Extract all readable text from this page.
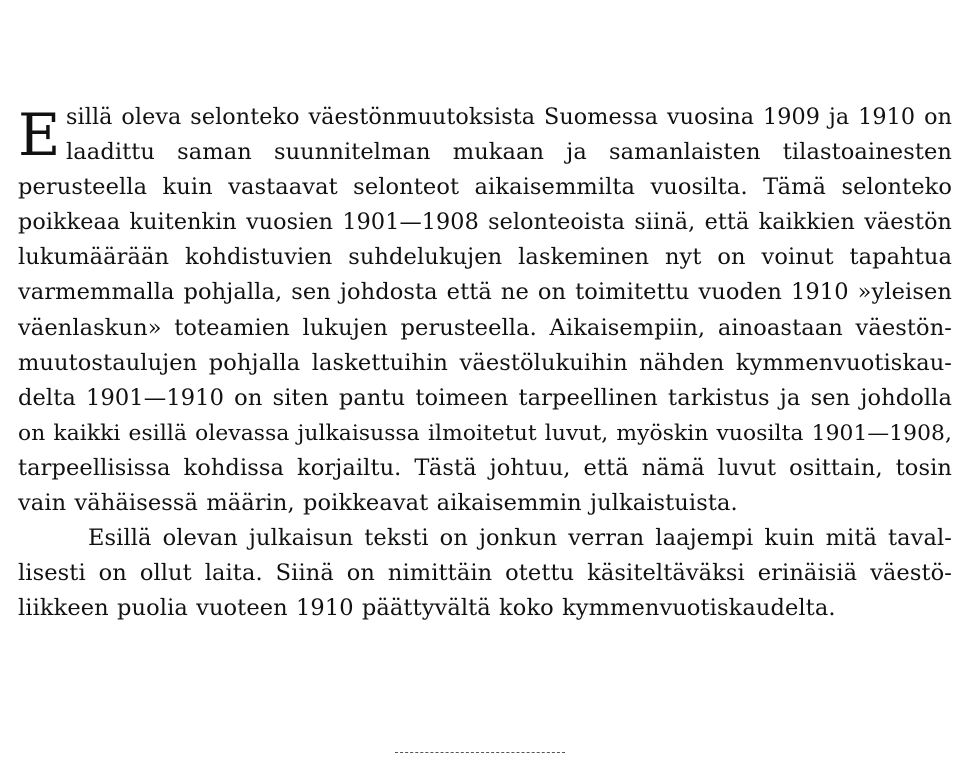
E sillä oleva selonteko väestönmuutoksista Suomessa vuosina 1909 ja 1910 on
laadittu saman suunnitelman mukaan ja samanlaisten tilastoainesten
perusteella kuin vastaavat selonteot aikaisemmilta vuosilta. Tämä selonteko
poikkeaa kuitenkin vuosien 1901—1908 selonteoista siinä, että kaikkien väestön
lukumäärään kohdistuvien suhdelukujen laskeminen nyt on voinut tapahtua
varmemmalla pohjalla, sen johdosta että ne on toimitettu vuoden 1910 »yleisen
väenlaskun» toteamien lukujen perusteella. Aikaisempiin, ainoastaan väestön-
muutostaulujen pohjalla laskettuihin väestölukuihin nähden kymmenvuotiskau-
delta 1901—1910 on siten pantu toimeen tarpeellinen tarkistus ja sen johdolla
on kaikki esillä olevassa julkaisussa ilmoitetut luvut, myöskin vuosilta 1901—1908,
tarpeellisissa kohdissa korjailtu. Tästä johtuu, että nämä luvut osittain, tosin
vain vähäisessä määrin, poikkeavat aikaisemmin julkaistuista.

Esillä olevan julkaisun teksti on jonkun verran laajempi kuin mitä taval-
lisesti on ollut laita. Siinä on nimittäin otettu käsiteltäväksi erinäisiä väestö-
liikkeen puolia vuoteen 1910 päättyvältä koko kymmenvuotiskaudelta.
